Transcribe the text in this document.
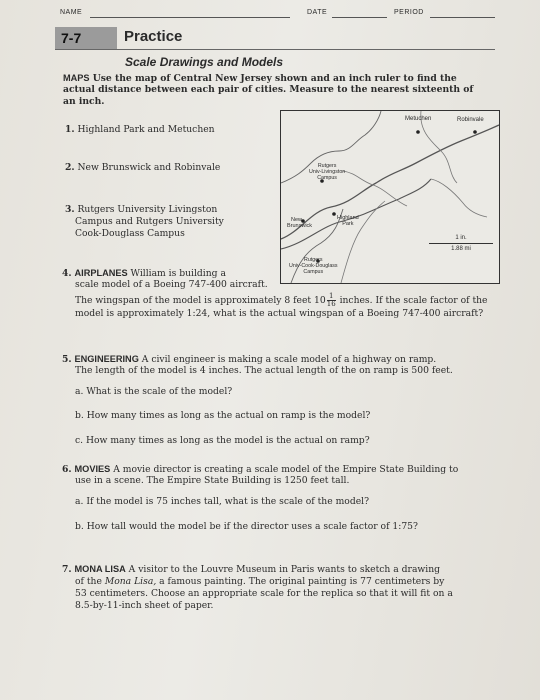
NAME	DATE	PERIOD
7-7	Practice
Scale Drawings and Models
MAPS Use the map of Central New Jersey shown and an inch ruler to find the
actual distance between each pair of cities. Measure to the nearest sixteenth of
an inch.
1. Highland Park and Metuchen
2. New Brunswick and Robinvale
3. Rutgers University Livingston
Campus and Rutgers University
Cook-Douglass Campus
Metuchen	Robinvale
Rutgers
Univ-Livingston
Campus
Highland
Park
New
Brunswick
Rutgers
Univ-Cook-Douglass
Campus
1 in.
1.88 mi
4. AIRPLANES William is building a
scale model of a Boeing 747-400 aircraft.
The wingspan of the model is approximately 8 feet $10 \frac{1}{16}$ inches. If the scale factor of the
model is approximately 1:24, what is the actual wingspan of a Boeing 747-400 aircraft?
5. ENGINEERING A civil engineer is making a scale model of a highway on ramp.
The length of the model is 4 inches. The actual length of the on ramp is 500 feet.
a. What is the scale of the model?
b. How many times as long as the actual on ramp is the model?
c. How many times as long as the model is the actual on ramp?
6. MOVIES A movie director is creating a scale model of the Empire State Building to
use in a scene. The Empire State Building is 1250 feet tall.
a. If the model is 75 inches tall, what is the scale of the model?
b. How tall would the model be if the director uses a scale factor of 1:75?
7. MONA LISA A visitor to the Louvre Museum in Paris wants to sketch a drawing
of the Mona Lisa, a famous painting. The original painting is 77 centimeters by
53 centimeters. Choose an appropriate scale for the replica so that it will fit on a
8.5-by-11-inch sheet of paper.
